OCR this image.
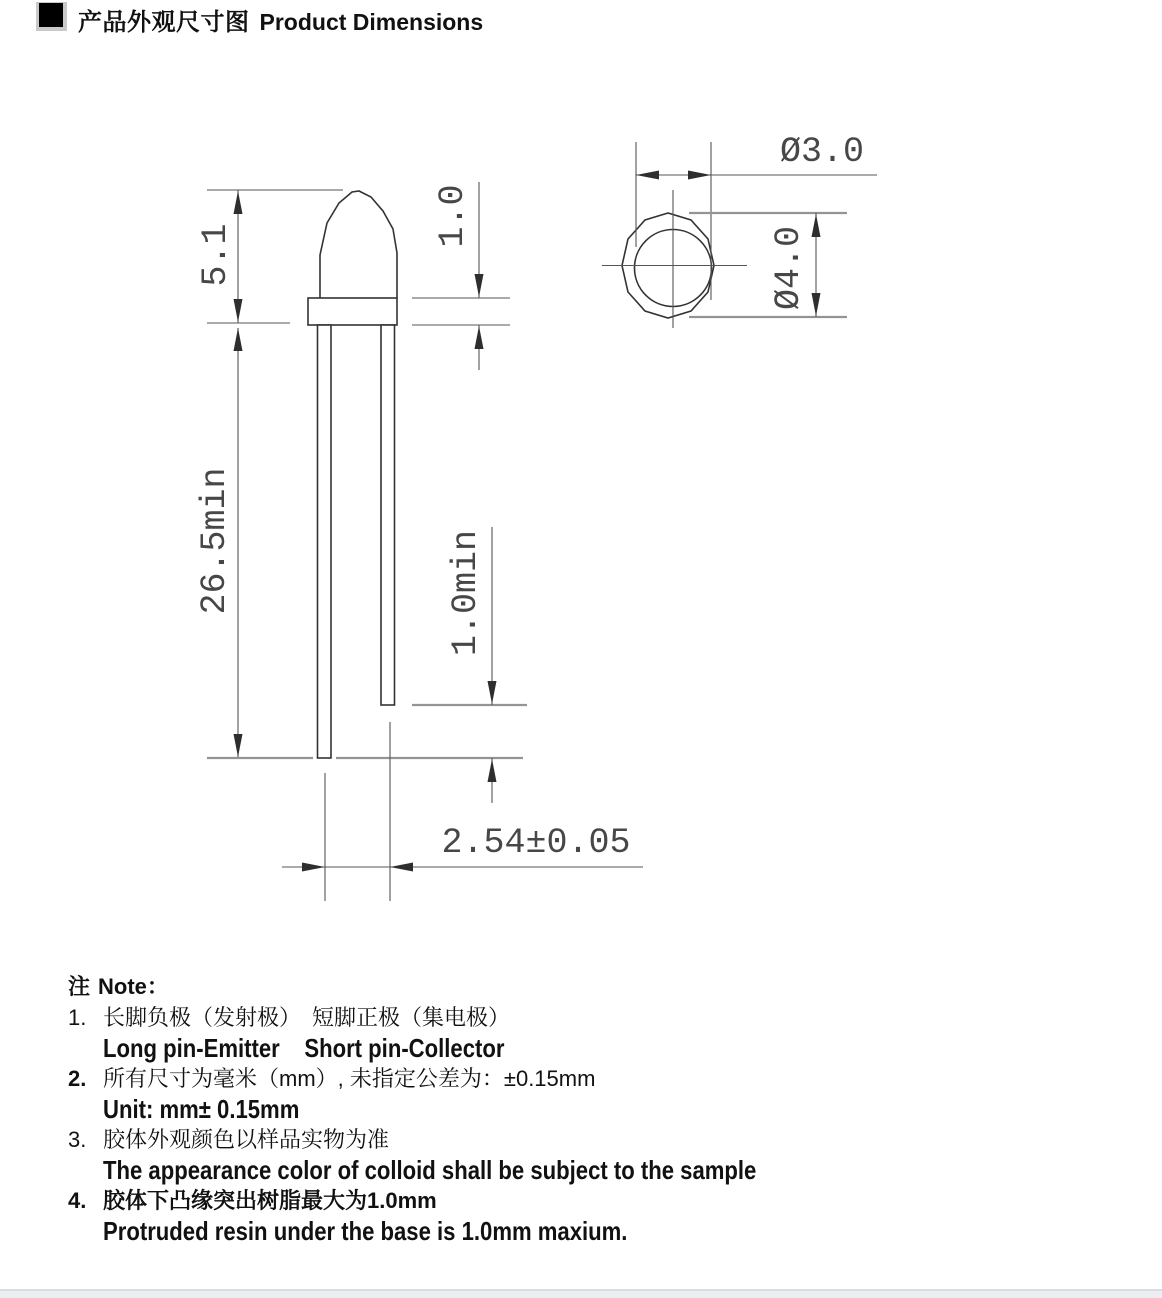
产品外观尺寸图 Product Dimensions
5.1
26.5min
1.0
1.0min
2.54±0.05
Ø3.0
Ø4.0
注 Note：
1. 长脚负极（发射极）　短脚正极（集电极）
Long pin-Emitter    Short pin-Collector
2. 所有尺寸为毫米（mm）, 未指定公差为：±0.15mm
Unit: mm± 0.15mm
3. 胶体外观颜色以样品实物为准
The appearance color of colloid shall be subject to the sample
4. 胶体下凸缘突出树脂最大为1.0mm
Protruded resin under the base is 1.0mm maxium.
